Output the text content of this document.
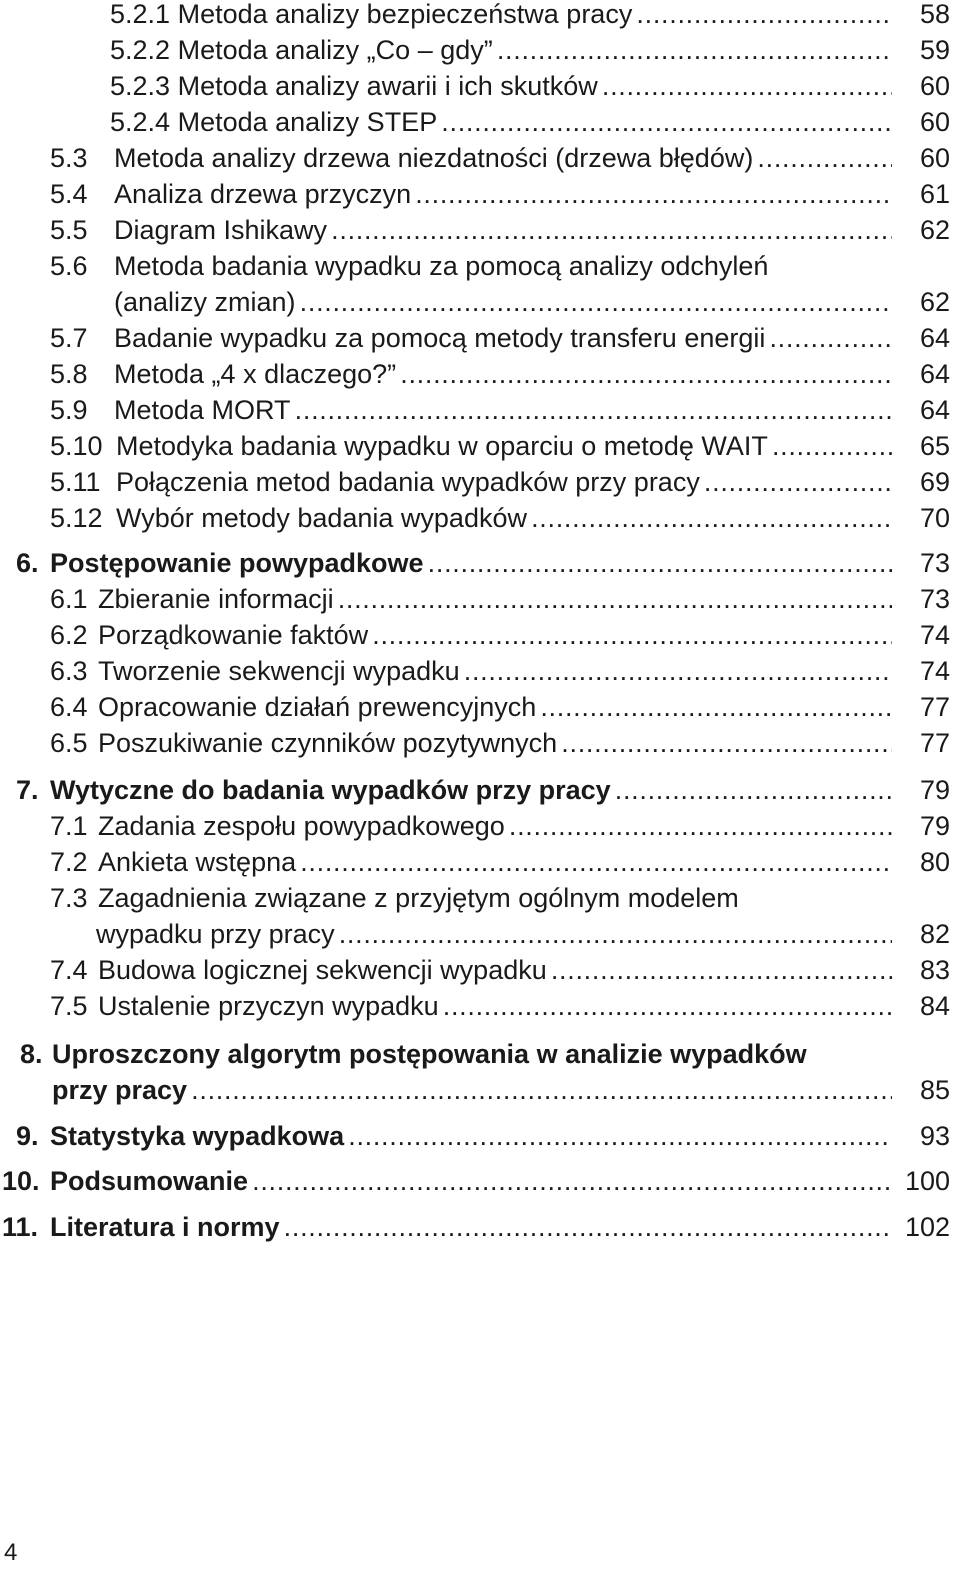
5.2.1 Metoda analizy bezpieczeństwa pracy . . .	58
5.2.2 Metoda analizy „Co – gdy” . . .	59
5.2.3 Metoda analizy awarii i ich skutków . . .	60
5.2.4 Metoda analizy STEP . . .	60
5.3 Metoda analizy drzewa niezdatności (drzewa błędów) . . .	60
5.4 Analiza drzewa przyczyn . . .	61
5.5 Diagram Ishikawy . . .	62
5.6 Metoda badania wypadku za pomocą analizy odchyleń
(analizy zmian) . . .	62
5.7 Badanie wypadku za pomocą metody transferu energii . . .	64
5.8 Metoda „4 x dlaczego?” . . .	64
5.9 Metoda MORT . . .	64
5.10 Metodyka badania wypadku w oparciu o metodę WAIT . . .	65
5.11 Połączenia metod badania wypadków przy pracy . . .	69
5.12 Wybór metody badania wypadków . . .	70
6. Postępowanie powypadkowe . . .	73
6.1 Zbieranie informacji . . .	73
6.2 Porządkowanie faktów . . .	74
6.3 Tworzenie sekwencji wypadku . . .	74
6.4 Opracowanie działań prewencyjnych . . .	77
6.5 Poszukiwanie czynników pozytywnych . . .	77
7. Wytyczne do badania wypadków przy pracy . . .	79
7.1 Zadania zespołu powypadkowego . . .	79
7.2 Ankieta wstępna . . .	80
7.3 Zagadnienia związane z przyjętym ogólnym modelem
wypadku przy pracy . . .	82
7.4 Budowa logicznej sekwencji wypadku . . .	83
7.5 Ustalenie przyczyn wypadku . . .	84
8. Uproszczony algorytm postępowania w analizie wypadków
przy pracy . . .	85
9. Statystyka wypadkowa . . .	93
10. Podsumowanie . . .	100
11. Literatura i normy . . .	102
4
